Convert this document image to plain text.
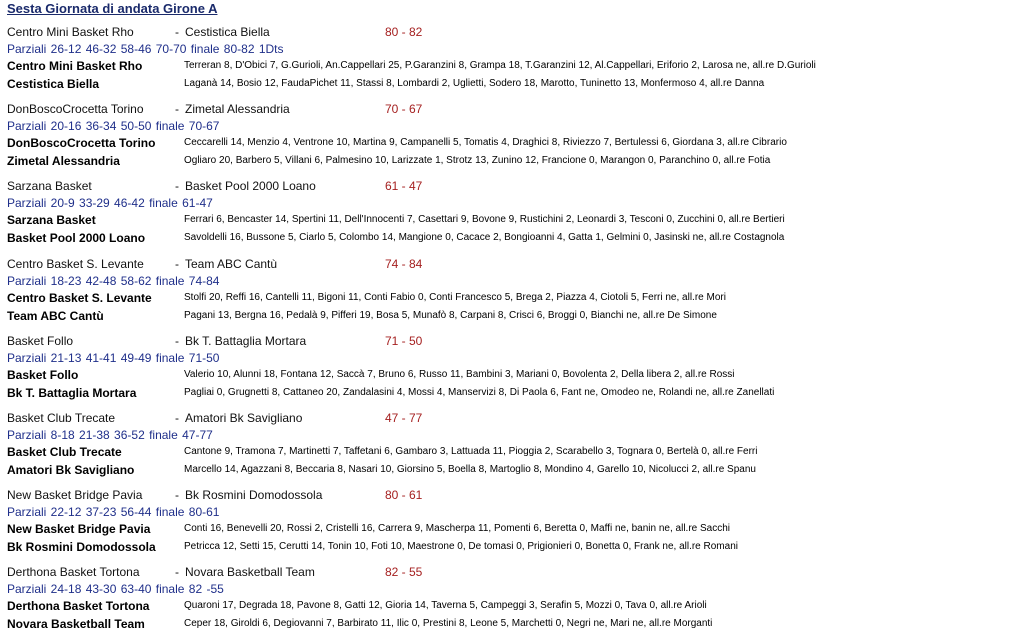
Sesta Giornata di andata Girone A
Centro Mini Basket Rho	- Cestistica Biella	80 - 82
Parziali 26-12 46-32 58-46 70-70 finale 80-82 1Dts
Centro Mini Basket Rho	Terreran 8, D'Obici 7, G.Gurioli, An.Cappellari 25, P.Garanzini 8, Grampa 18, T.Garanzini 12, Al.Cappellari, Eriforio 2, Larosa ne, all.re D.Gurioli
Cestistica Biella	Laganà 14, Bosio 12, FaudaPichet 11, Stassi 8, Lombardi 2, Uglietti, Sodero 18, Marotto, Tuninetto 13, Monfermoso 4, all.re Danna
DonBoscoCrocetta Torino	- Zimetal Alessandria	70 - 67
Parziali 20-16 36-34 50-50 finale 70-67
DonBoscoCrocetta Torino	Ceccarelli 14, Menzio 4, Ventrone 10, Martina 9, Campanelli 5, Tomatis 4, Draghici 8, Riviezzo 7, Bertulessi 6, Giordana 3, all.re Cibrario
Zimetal Alessandria	Ogliaro 20, Barbero 5, Villani 6, Palmesino 10, Larizzate 1, Strotz 13, Zunino 12, Francione 0, Marangon 0, Paranchino 0, all.re Fotia
Sarzana Basket	- Basket Pool 2000 Loano	61 - 47
Parziali 20-9 33-29 46-42 finale 61-47
Sarzana Basket	Ferrari 6, Bencaster 14, Spertini 11, Dell'Innocenti 7, Casettari 9, Bovone 9, Rustichini 2, Leonardi 3, Tesconi 0, Zucchini 0, all.re Bertieri
Basket Pool 2000 Loano	Savoldelli 16, Bussone 5, Ciarlo 5, Colombo 14, Mangione 0, Cacace 2, Bongioanni 4, Gatta 1, Gelmini 0, Jasinski ne, all.re Costagnola
Centro Basket S. Levante	- Team ABC Cantù	74 - 84
Parziali 18-23 42-48 58-62 finale 74-84
Centro Basket S. Levante	Stolfi 20, Reffi 16, Cantelli 11, Bigoni 11, Conti Fabio 0, Conti Francesco 5, Brega 2, Piazza 4, Ciotoli 5, Ferri ne, all.re Mori
Team ABC Cantù	Pagani 13, Bergna 16, Pedalà 9, Pifferi 19, Bosa 5, Munafò 8, Carpani 8, Crisci 6, Broggi 0, Bianchi ne, all.re De Simone
Basket Follo	- Bk T. Battaglia Mortara	71 - 50
Parziali 21-13 41-41 49-49 finale 71-50
Basket Follo	Valerio 10, Alunni 18, Fontana 12, Saccà 7, Bruno 6, Russo 11, Bambini 3, Mariani 0, Bovolenta 2, Della libera 2, all.re Rossi
Bk T. Battaglia Mortara	Pagliai 0, Grugnetti 8, Cattaneo 20, Zandalasini 4, Mossi 4, Manservizi 8, Di Paola 6, Fant ne, Omodeo ne, Rolandi ne, all.re Zanellati
Basket Club Trecate	- Amatori Bk Savigliano	47 - 77
Parziali 8-18 21-38 36-52 finale 47-77
Basket Club Trecate	Cantone 9, Tramona 7, Martinetti 7, Taffetani 6, Gambaro 3, Lattuada 11, Pioggia 2, Scarabello 3, Tognara 0, Bertelà 0, all.re Ferri
Amatori Bk Savigliano	Marcello 14, Agazzani 8, Beccaria 8, Nasari 10, Giorsino 5, Boella 8, Martoglio 8, Mondino 4, Garello 10, Nicolucci 2, all.re Spanu
New Basket Bridge Pavia	- Bk Rosmini Domodossola	80 - 61
Parziali 22-12 37-23 56-44 finale 80-61
New Basket Bridge Pavia	Conti 16, Benevelli 20, Rossi 2, Cristelli 16, Carrera 9, Mascherpa 11, Pomenti 6, Beretta 0, Maffi ne, banin ne, all.re Sacchi
Bk Rosmini Domodossola	Petricca 12, Setti 15, Cerutti 14, Tonin 10, Foti 10, Maestrone 0, De tomasi 0, Prigionieri 0, Bonetta 0, Frank ne, all.re Romani
Derthona Basket Tortona	- Novara Basketball Team	82 - 55
Parziali 24-18 43-30 63-40 finale 82 -55
Derthona Basket Tortona	Quaroni 17, Degrada 18, Pavone 8, Gatti 12, Gioria 14, Taverna 5, Campeggi 3, Serafin 5, Mozzi 0, Tava 0, all.re Arioli
Novara Basketball Team	Ceper 18, Giroldi 6, Degiovanni 7, Barbirato 11, Ilic 0, Prestini 8, Leone 5, Marchetti 0, Negri ne, Mari ne, all.re Morganti
